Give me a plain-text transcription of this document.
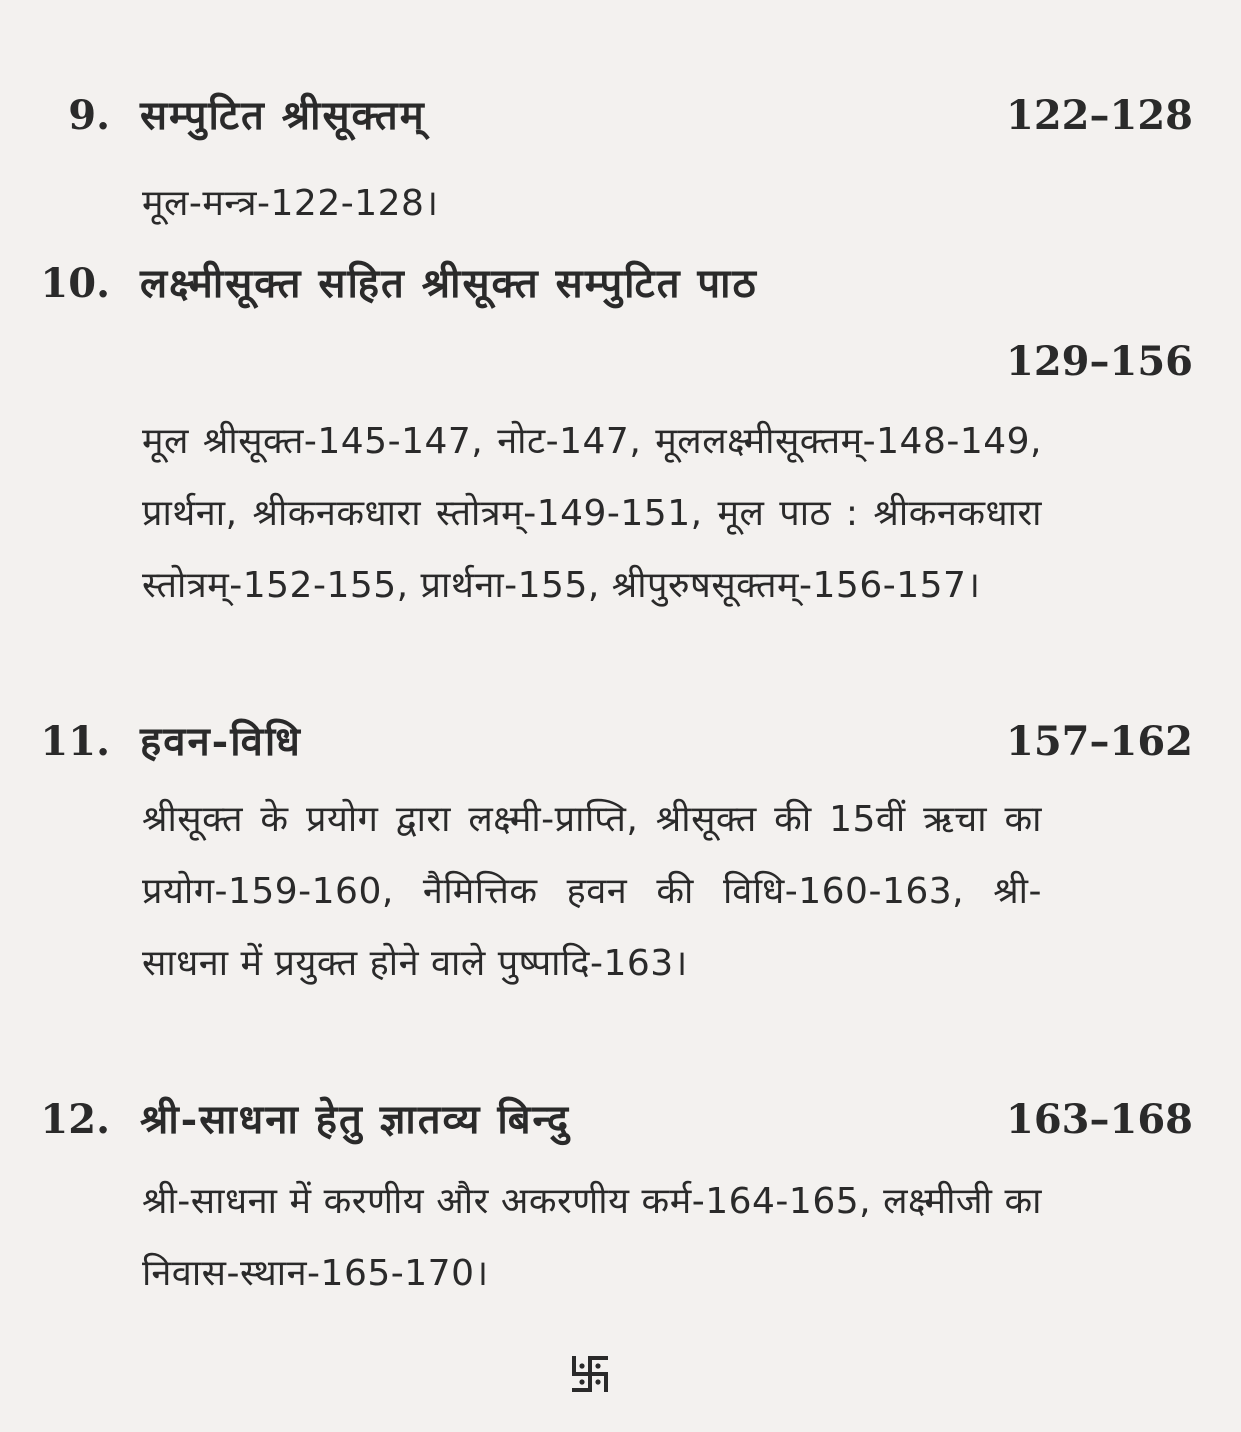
9. सम्पुटित श्रीसूक्तम्	122–128
मूल-मन्त्र-122-128।
10. लक्ष्मीसूक्त सहित श्रीसूक्त सम्पुटित पाठ
129–156
मूल श्रीसूक्त-145-147, नोट-147, मूललक्ष्मीसूक्तम्-148-149, प्रार्थना, श्रीकनकधारा स्तोत्रम्-149-151, मूल पाठ : श्रीकनकधारा स्तोत्रम्-152-155, प्रार्थना-155, श्रीपुरुषसूक्तम्-156-157।
11. हवन-विधि	157–162
श्रीसूक्त के प्रयोग द्वारा लक्ष्मी-प्राप्ति, श्रीसूक्त की 15वीं ऋचा का प्रयोग-159-160, नैमित्तिक हवन की विधि-160-163, श्री-साधना में प्रयुक्त होने वाले पुष्पादि-163।
12. श्री-साधना हेतु ज्ञातव्य बिन्दु	163–168
श्री-साधना में करणीय और अकरणीय कर्म-164-165, लक्ष्मीजी का निवास-स्थान-165-170।
